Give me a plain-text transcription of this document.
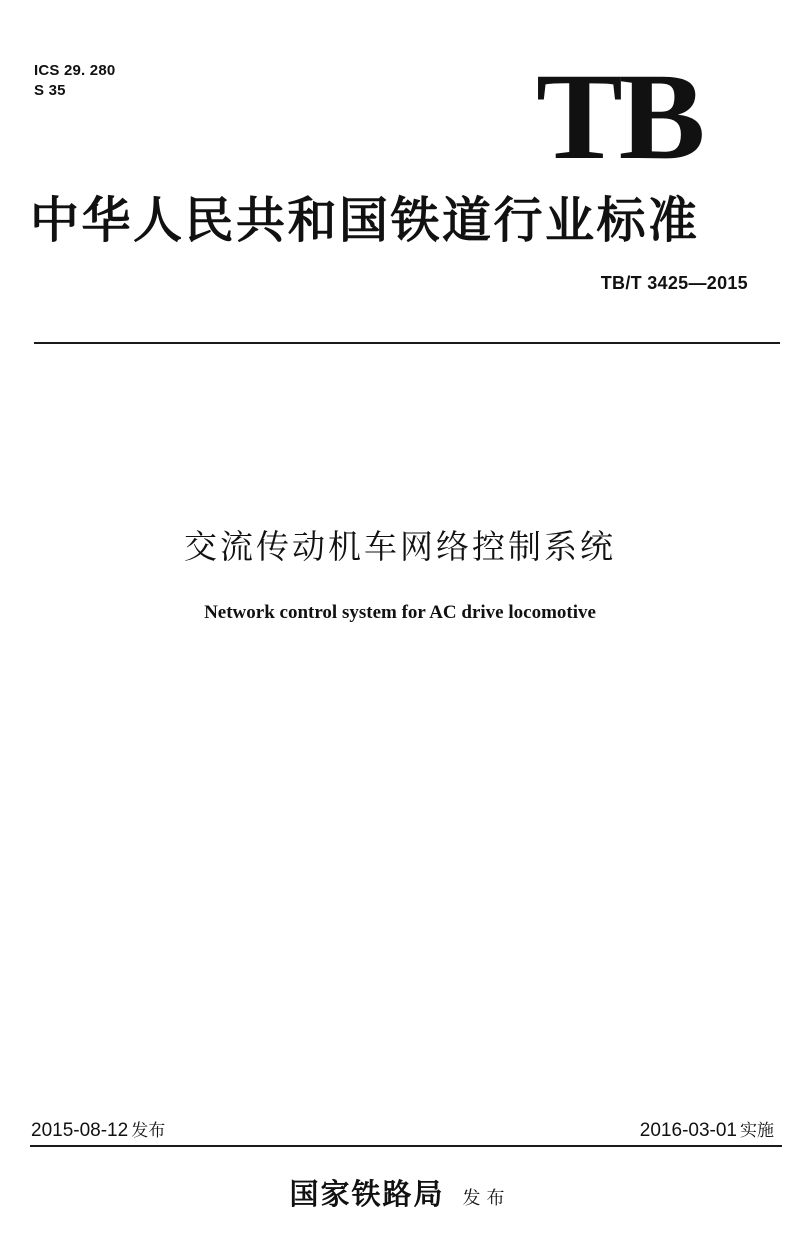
ICS 29. 280
S 35	TB
中华人民共和国铁道行业标准
TB/T 3425—2015
交流传动机车网络控制系统
Network control system for AC drive locomotive
2015-08-12 发布	2016-03-01 实施
国家铁路局 发布
